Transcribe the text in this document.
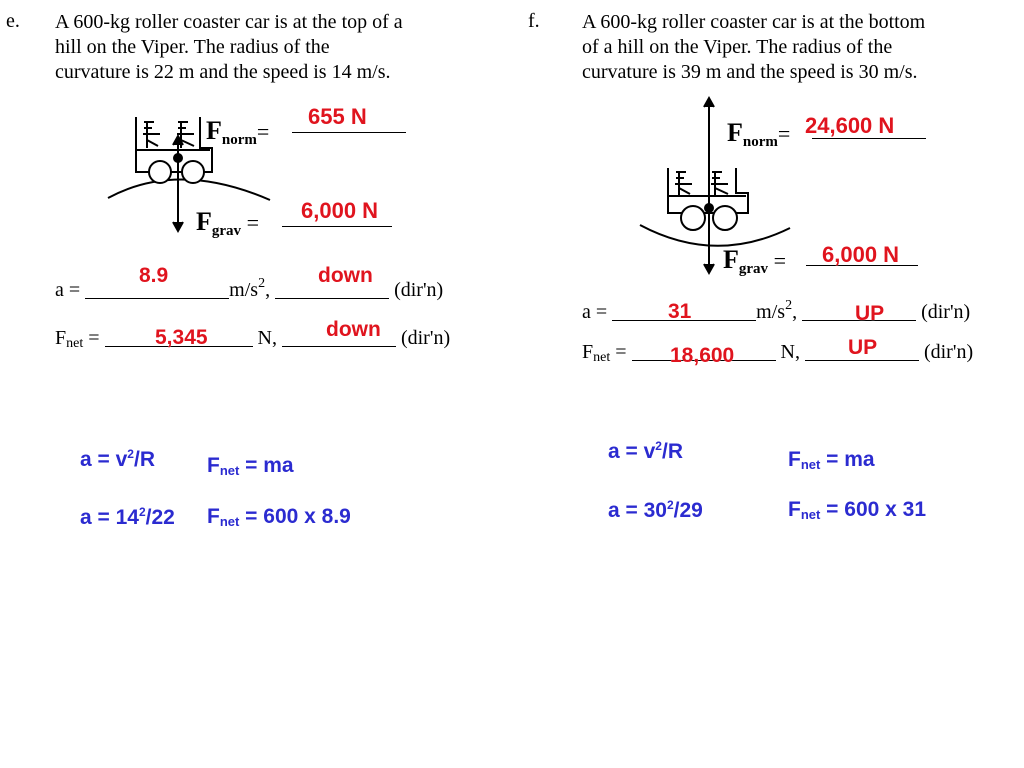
e. A 600-kg roller coaster car is at the top of a
hill on the Viper. The radius of the
curvature is 22 m and the speed is 14 m/s.
$F_{norm}=$
655 N
$F_{grav} = 6,000$ N
a =	$m/s^2$,	(dir'n)
8.9	down
$F_{net}$ =	N,	(dir'n)
5,345	down
$a = v^2/R$ $F_{net}$ = ma
$a = 14^2/22$ $F_{net} = 600$ x 8.9
f. A 600-kg roller coaster car is at the bottom
of a hill on the Viper. The radius of the
curvature is 39 m and the speed is 30 m/s.
$F_{norm}= 24,600$ N
$F_{grav} = 6,000$ N
a =	$m/s^2$,	(dir'n)
31	UP
$F_{net}$ =	N,	(dir'n)
18,600	UP
$a = v^2/R$	$F_{net}$ = ma
$a = 30^2/29$	$F_{net} = 600$ x 31
